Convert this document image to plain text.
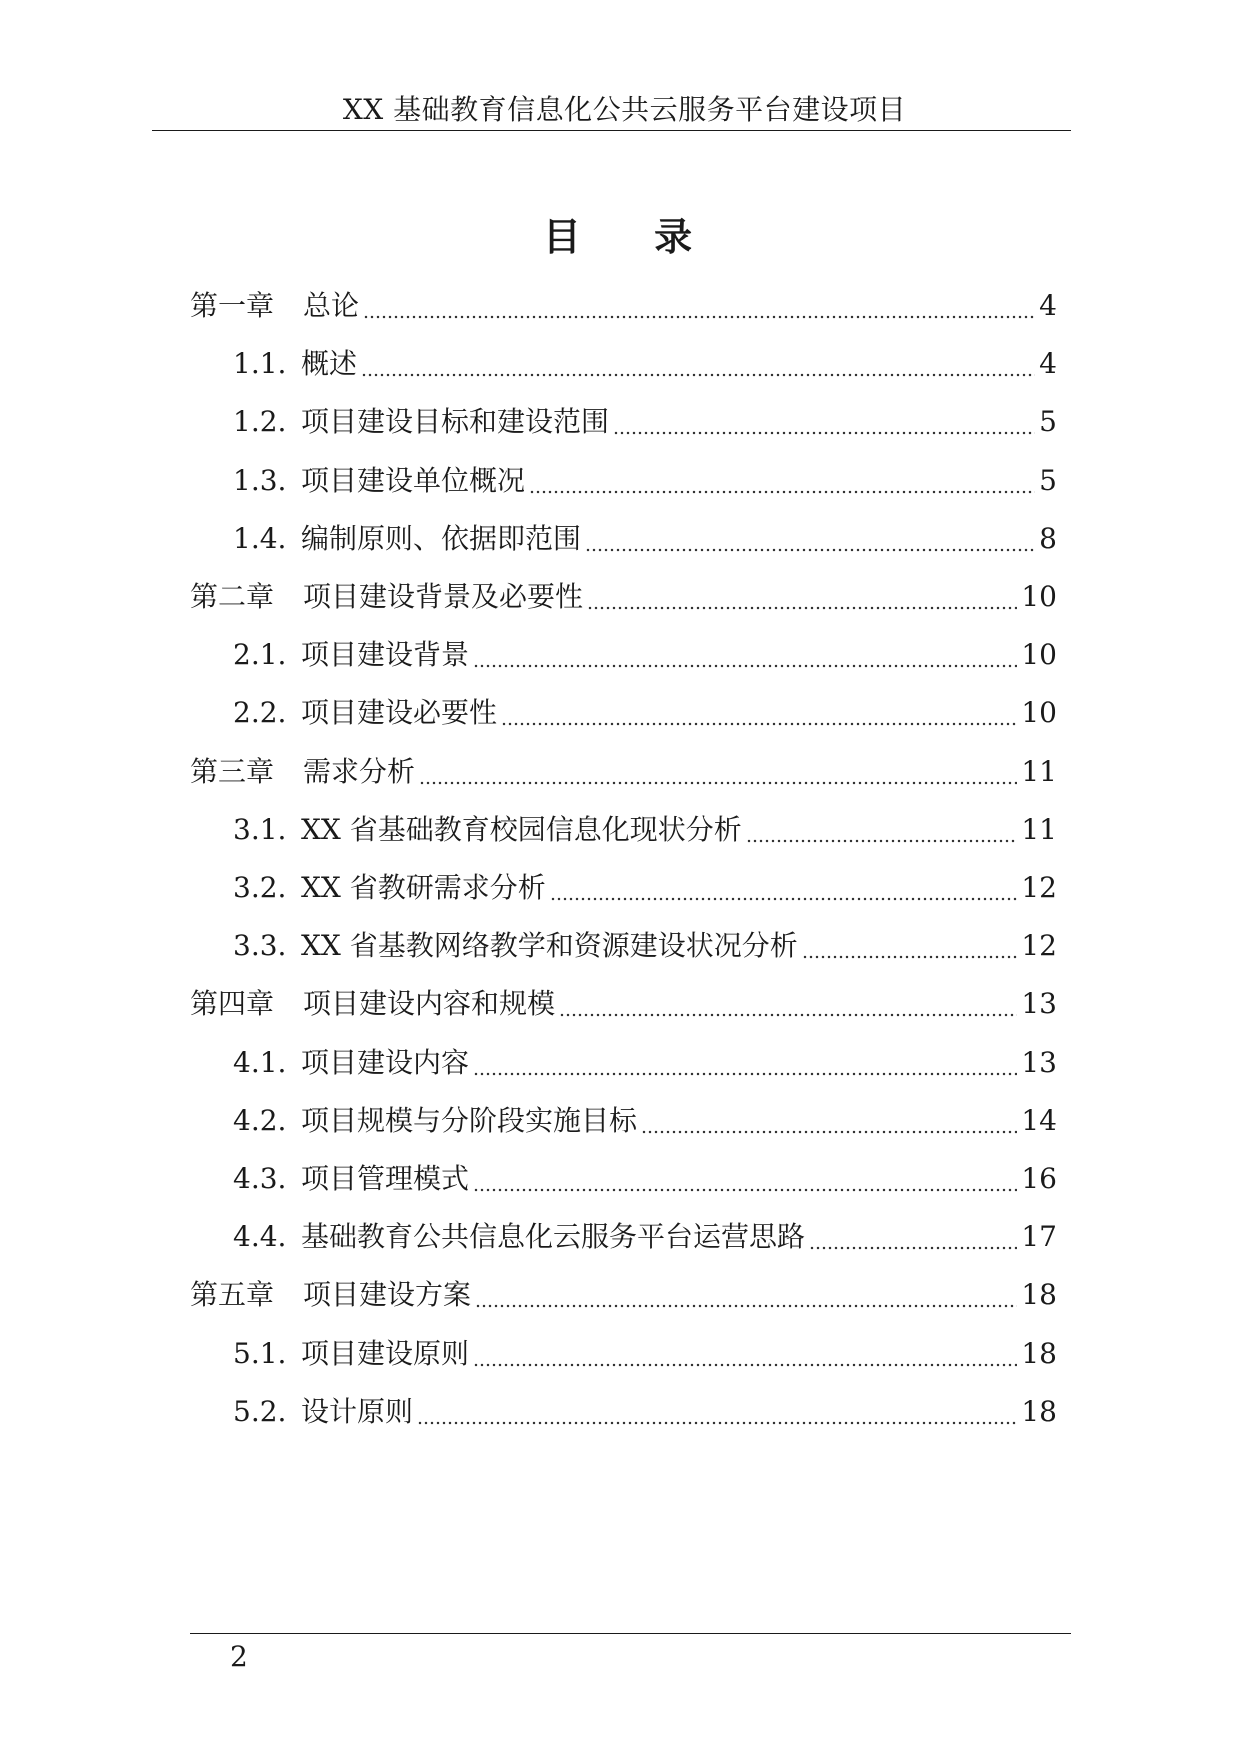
XX 基础教育信息化公共云服务平台建设项目
目 录
第一章	总论	4
1.1. 概述	4
1.2. 项目建设目标和建设范围	5
1.3. 项目建设单位概况	5
1.4. 编制原则、依据即范围	8
第二章	项目建设背景及必要性	10
2.1. 项目建设背景	10
2.2. 项目建设必要性	10
第三章	需求分析	11
3.1. XX 省基础教育校园信息化现状分析	11
3.2. XX 省教研需求分析	12
3.3. XX 省基教网络教学和资源建设状况分析	12
第四章	项目建设内容和规模	13
4.1. 项目建设内容	13
4.2. 项目规模与分阶段实施目标	14
4.3. 项目管理模式	16
4.4. 基础教育公共信息化云服务平台运营思路	17
第五章	项目建设方案	18
5.1. 项目建设原则	18
5.2. 设计原则	18
2
